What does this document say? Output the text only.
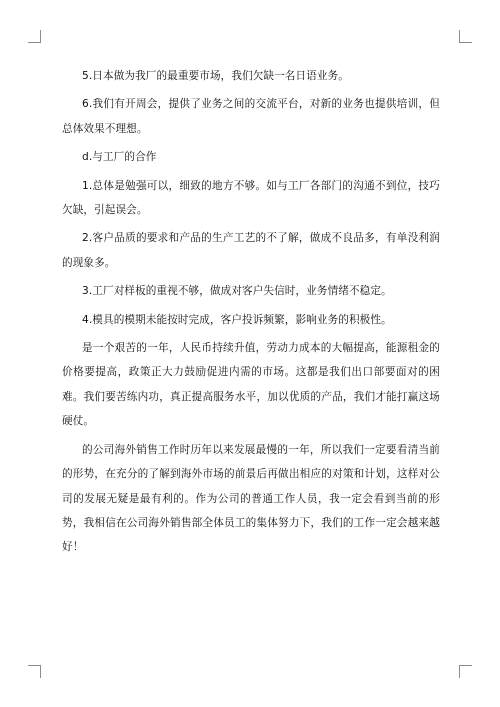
5.日本做为我厂的最重要市场，我们欠缺一名日语业务。

6.我们有开周会，提供了业务之间的交流平台，对新的业务也提供培训，但总体效果不理想。

d.与工厂的合作

1.总体是勉强可以，细致的地方不够。如与工厂各部门的沟通不到位，技巧欠缺，引起误会。

2.客户品质的要求和产品的生产工艺的不了解，做成不良品多，有单没利润的现象多。

3.工厂对样板的重视不够，做成对客户失信时，业务情绪不稳定。

4.模具的模期未能按时完成，客户投诉频繁，影响业务的积极性。

是一个艰苦的一年，人民币持续升值，劳动力成本的大幅提高，能源租金的价格要提高，政策正大力鼓励促进内需的市场。这都是我们出口部要面对的困难。我们要苦练内功，真正提高服务水平，加以优质的产品，我们才能打赢这场硬仗。

的公司海外销售工作时历年以来发展最慢的一年，所以我们一定要看清当前的形势，在充分的了解到海外市场的前景后再做出相应的对策和计划，这样对公司的发展无疑是最有利的。作为公司的普通工作人员，我一定会看到当前的形势，我相信在公司海外销售部全体员工的集体努力下，我们的工作一定会越来越好！
